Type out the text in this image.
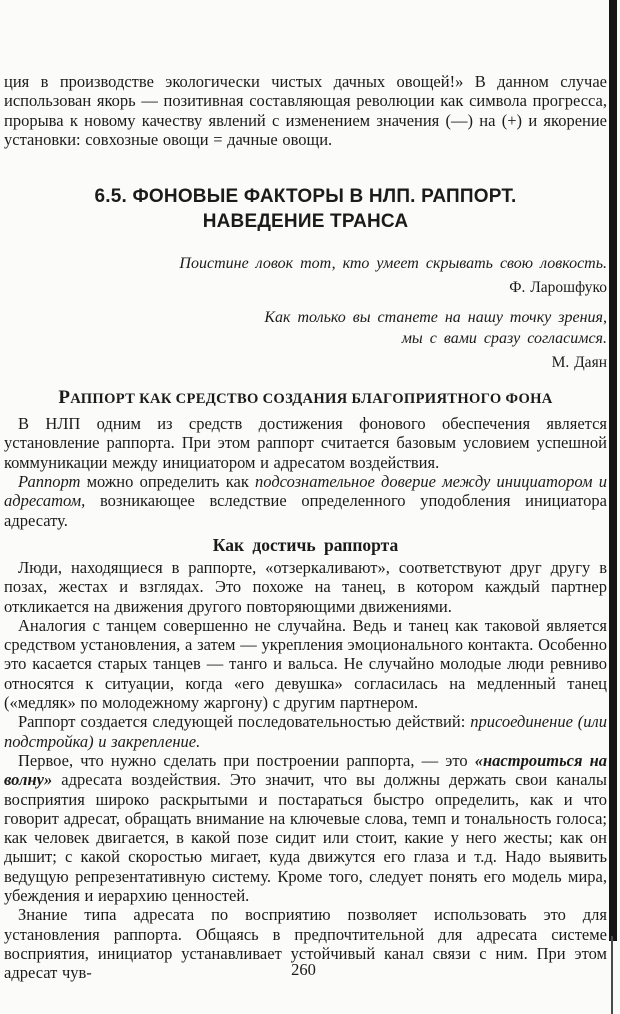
ция в производстве экологически чистых дачных овощей!» В данном случае использован якорь — позитивная составляющая революции как символа прогресса, прорыва к новому качеству явлений с изменением значения (—) на (+) и якорение установки: совхозные овощи = дачные овощи.

6.5. ФОНОВЫЕ ФАКТОРЫ В НЛП. РАППОРТ.
НАВЕДЕНИЕ ТРАНСА
Поистине ловок тот, кто умеет скрывать свою ловкость.
Ф. Ларошфуко
Как только вы станете на нашу точку зрения,
мы с вами сразу согласимся.
М. Даян
РАППОРТ КАК СРЕДСТВО СОЗДАНИЯ БЛАГОПРИЯТНОГО ФОНА

В НЛП одним из средств достижения фонового обеспечения является установление раппорта. При этом раппорт считается базовым условием успешной коммуникации между инициатором и адресатом воздействия.

Раппорт можно определить как подсознательное доверие между инициатором и адресатом, возникающее вследствие определенного уподобления инициатора адресату.

Как достичь раппорта

Люди, находящиеся в раппорте, «отзеркаливают», соответствуют друг другу в позах, жестах и взглядах. Это похоже на танец, в котором каждый партнер откликается на движения другого повторяющими движениями.

Аналогия с танцем совершенно не случайна. Ведь и танец как таковой является средством установления, а затем — укрепления эмоционального контакта. Особенно это касается старых танцев — танго и вальса. Не случайно молодые люди ревниво относятся к ситуации, когда «его девушка» согласилась на медленный танец («медляк» по молодежному жаргону) с другим партнером.

Раппорт создается следующей последовательностью действий: присоединение (или подстройка) и закрепление.

Первое, что нужно сделать при построении раппорта, — это «настроиться на волну» адресата воздействия. Это значит, что вы должны держать свои каналы восприятия широко раскрытыми и постараться быстро определить, как и что говорит адресат, обращать внимание на ключевые слова, темп и тональность голоса; как человек двигается, в какой позе сидит или стоит, какие у него жесты; как он дышит; с какой скоростью мигает, куда движутся его глаза и т.д. Надо выявить ведущую репрезентативную систему. Кроме того, следует понять его модель мира, убеждения и иерархию ценностей.

Знание типа адресата по восприятию позволяет использовать это для установления раппорта. Общаясь в предпочтительной для адресата системе восприятия, инициатор устанавливает устойчивый канал связи с ним. При этом адресат чув-	260
